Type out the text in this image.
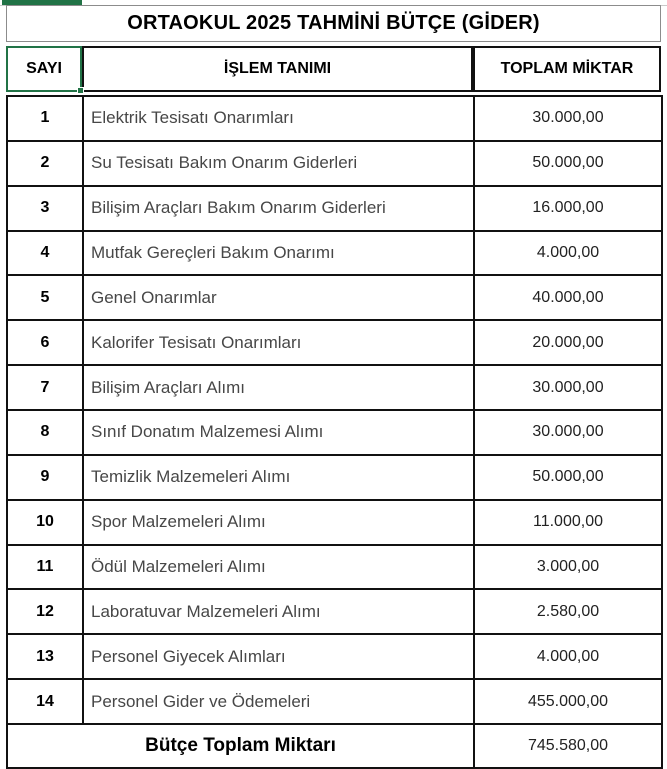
ORTAOKUL 2025 TAHMİNİ BÜTÇE (GİDER)
SAYI	İŞLEM TANIMI	TOPLAM MİKTAR
1	Elektrik Tesisatı Onarımları	30.000,00
2	Su Tesisatı Bakım Onarım Giderleri	50.000,00
3	Bilişim Araçları Bakım Onarım Giderleri	16.000,00
4	Mutfak Gereçleri Bakım Onarımı	4.000,00
5	Genel Onarımlar	40.000,00
6	Kalorifer Tesisatı Onarımları	20.000,00
7	Bilişim Araçları Alımı	30.000,00
8	Sınıf Donatım Malzemesi Alımı	30.000,00
9	Temizlik Malzemeleri Alımı	50.000,00
10	Spor Malzemeleri Alımı	11.000,00
11	Ödül Malzemeleri Alımı	3.000,00
12	Laboratuvar Malzemeleri Alımı	2.580,00
13	Personel Giyecek Alımları	4.000,00
14	Personel Gider ve Ödemeleri	455.000,00
Bütçe Toplam Miktarı		745.580,00
